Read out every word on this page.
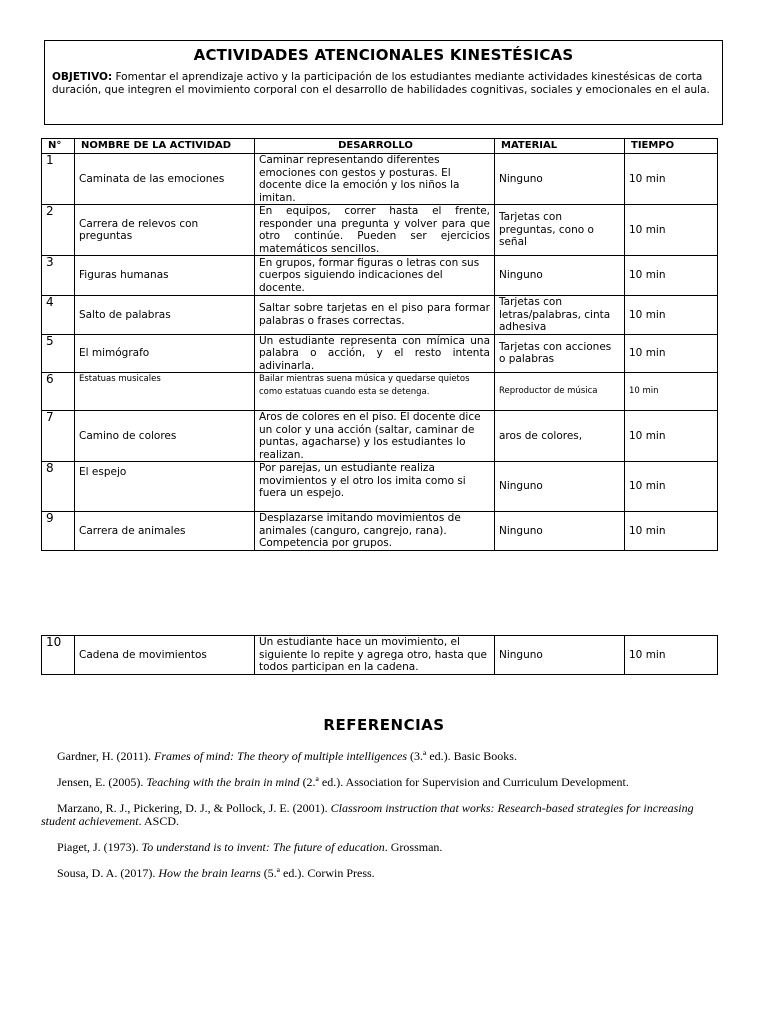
ACTIVIDADES ATENCIONALES KINESTÉSICAS
OBJETIVO: Fomentar el aprendizaje activo y la participación de los estudiantes mediante actividades kinestésicas de corta duración, que integren el movimiento corporal con el desarrollo de habilidades cognitivas, sociales y emocionales en el aula.
N°	NOMBRE DE LA ACTIVIDAD	DESARROLLO	MATERIAL	TIEMPO
1	Caminata de las emociones	Caminar representando diferentes emociones con gestos y posturas. El docente dice la emoción y los niños la imitan.	Ninguno	10 min
2	Carrera de relevos con preguntas	En equipos, correr hasta el frente, responder una pregunta y volver para que otro continúe. Pueden ser ejercicios matemáticos sencillos.	Tarjetas con preguntas, cono o señal	10 min
3	Figuras humanas	En grupos, formar figuras o letras con sus cuerpos siguiendo indicaciones del docente.	Ninguno	10 min
4	Salto de palabras	Saltar sobre tarjetas en el piso para formar palabras o frases correctas.	Tarjetas con letras/palabras, cinta adhesiva	10 min
5	El mimógrafo	Un estudiante representa con mímica una palabra o acción, y el resto intenta adivinarla.	Tarjetas con acciones o palabras	10 min
6	Estatuas musicales	Bailar mientras suena música y quedarse quietos como estatuas cuando esta se detenga.	Reproductor de música	10 min
7	Camino de colores	Aros de colores en el piso. El docente dice un color y una acción (saltar, caminar de puntas, agacharse) y los estudiantes lo realizan.	aros de colores,	10 min
8	El espejo	Por parejas, un estudiante realiza movimientos y el otro los imita como si fuera un espejo.	Ninguno	10 min
9	Carrera de animales	Desplazarse imitando movimientos de animales (canguro, cangrejo, rana). Competencia por grupos.	Ninguno	10 min
10	Cadena de movimientos	Un estudiante hace un movimiento, el siguiente lo repite y agrega otro, hasta que todos participan en la cadena.	Ninguno	10 min
REFERENCIAS

Gardner, H. (2011). Frames of mind: The theory of multiple intelligences (3.ª ed.). Basic Books.

Jensen, E. (2005). Teaching with the brain in mind (2.ª ed.). Association for Supervision and Curriculum Development.

Marzano, R. J., Pickering, D. J., & Pollock, J. E. (2001). Classroom instruction that works: Research-based strategies for increasing student achievement. ASCD.

Piaget, J. (1973). To understand is to invent: The future of education. Grossman.

Sousa, D. A. (2017). How the brain learns (5.ª ed.). Corwin Press.
